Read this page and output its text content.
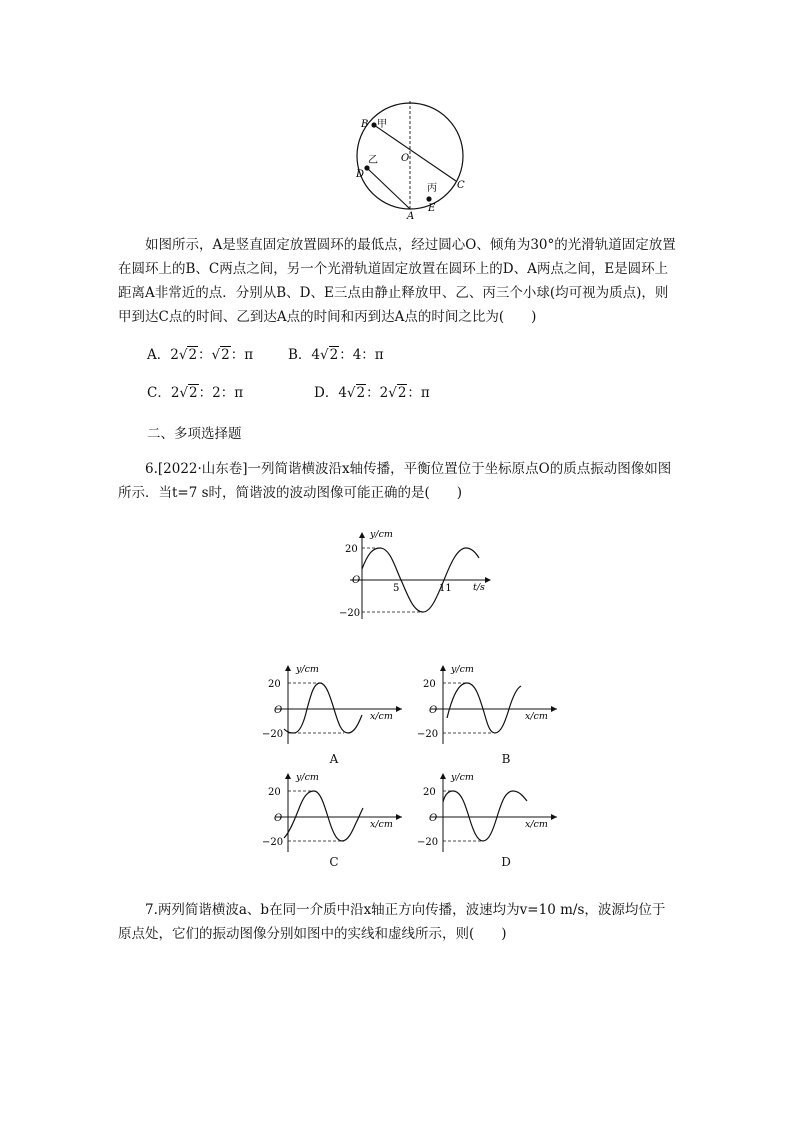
B 甲
O
乙
D
丙 C
A
E
如图所示，A是竖直固定放置圆环的最低点，经过圆心O、倾角为30°的光滑轨道固定放置在圆环上的B、C两点之间，另一个光滑轨道固定放置在圆环上的D、A两点之间，E是圆环上距离A非常近的点．分别从B、D、E三点由静止释放甲、乙、丙三个小球(均可视为质点)，则甲到达C点的时间、乙到达A点的时间和丙到达A点的时间之比为(　　)
A．2√2：√2：π	B．4√2：4：π
C．2√2：2：π	D．4√2：2√2：π
二、多项选择题
6.[2022·山东卷]一列简谐横波沿x轴传播，平衡位置位于坐标原点O的质点振动图像如图所示．当t=7 s时，简谐波的波动图像可能正确的是(　　)
y/cm
t/s
O
20
−20
5	11
y/cm
x/cm
O
20
−20
A
y/cm
x/cm
O
20
−20
B
y/cm
x/cm
O
20
−20
C
y/cm
x/cm
O
20
−20
D
7.两列简谐横波a、b在同一介质中沿x轴正方向传播，波速均为v=10 m/s，波源均位于原点处，它们的振动图像分别如图中的实线和虚线所示，则(　　)
